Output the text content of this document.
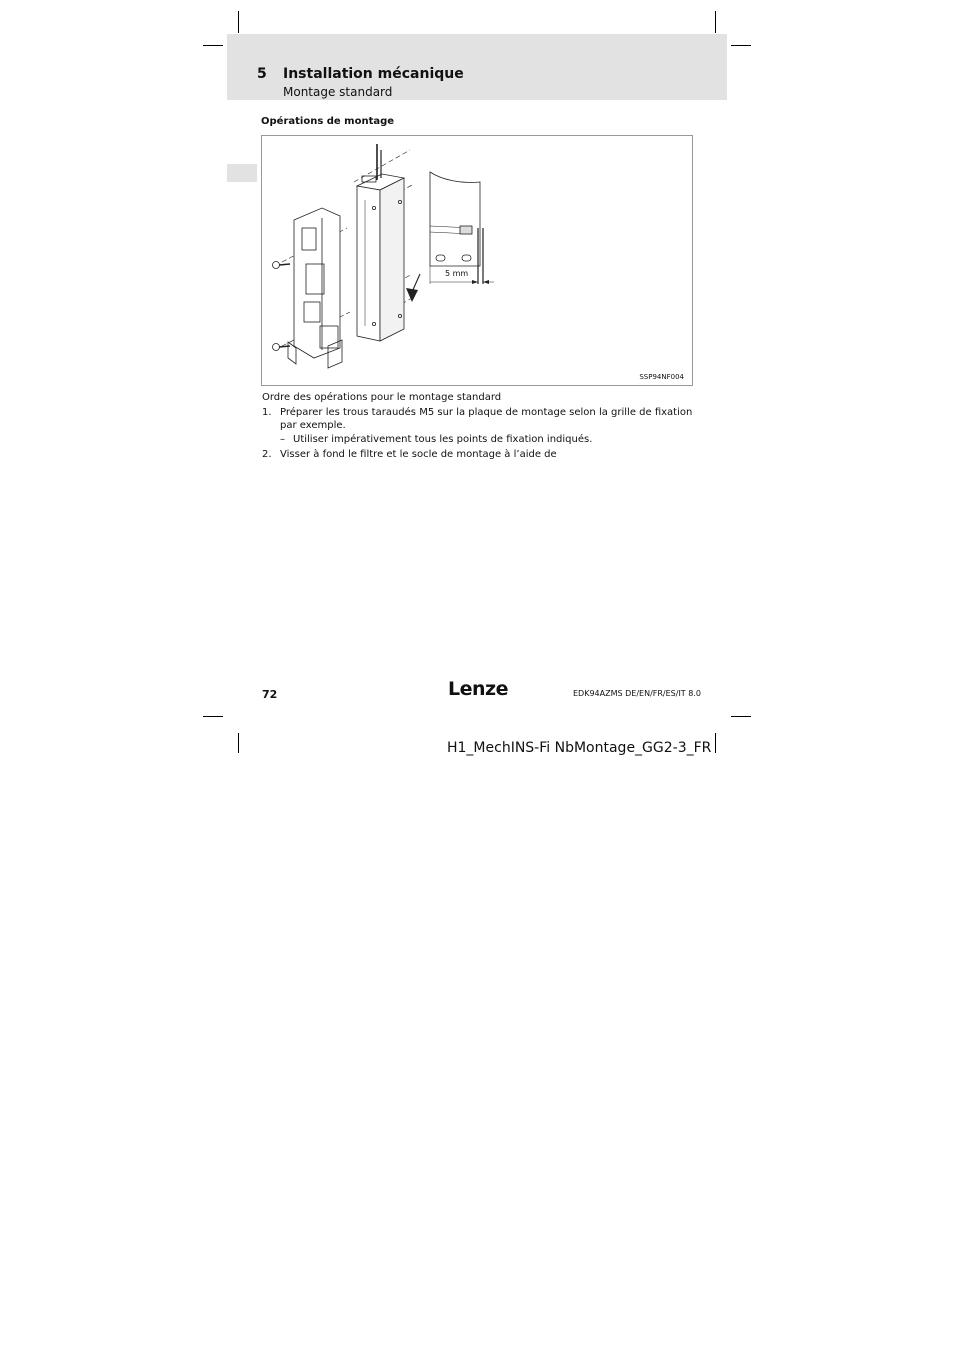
5 Installation mécanique
Montage standard
Opérations de montage
5 mm
SSP94NF004
Ordre des opérations pour le montage standard
1. Préparer les trous taraudés M5 sur la plaque de montage selon la grille de fixation
par exemple.
– Utiliser impérativement tous les points de fixation indiqués.
2. Visser à fond le filtre et le socle de montage à l’aide de
72	Lenze	EDK94AZMS DE/EN/FR/ES/IT 8.0
H1_MechINS-Fi NbMontage_GG2-3_FR
